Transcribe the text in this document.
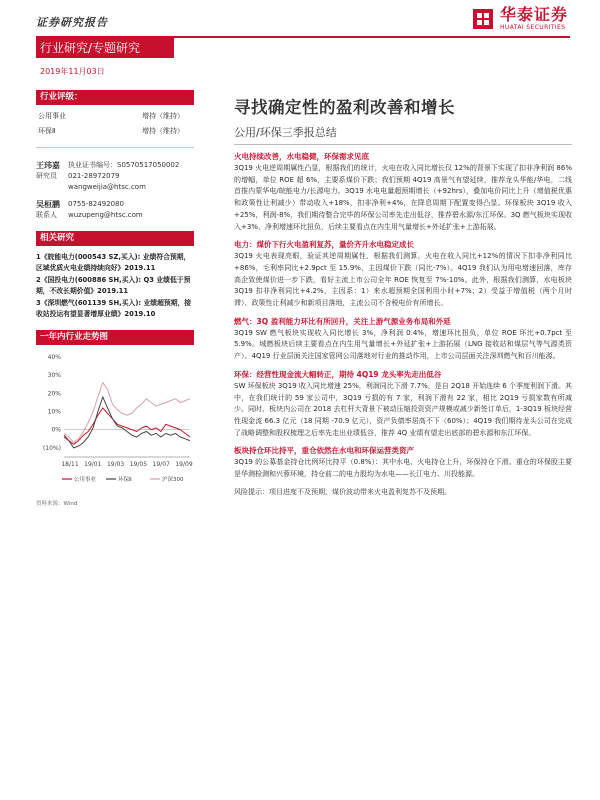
证券研究报告	华泰证券
HUATAI SECURITIES
行业研究/专题研究
2019年11月03日
行业评级：
公用事业	增持（维持）
环保Ⅱ	增持（维持）
王玮嘉	执业证书编号：S0570517050002
研究员	021-28972079
wangweijia@htsc.com
吴桓鹏	0755-82492080
联系人	wuzupeng@htsc.com
相关研究
1《皖能电力(000543 SZ,买入): 业绩符合预期，区域优质火电业绩持续向好》2019.11
2《国投电力(600886 SH,买入): Q3 业绩低于预期，不改长期价值》2019.11
3《深圳燃气(601139 SH,买入): 业绩超预期，接收站投运有望显著增厚业绩》2019.10
一年内行业走势图
40%
30%
20%
10%
0%
(10%)
18/11 19/01 19/03 19/05 19/07 19/09
公用事业	环保Ⅱ	沪深300
资料来源：Wind
寻找确定性的盈利改善和增长
公用/环保三季报总结
火电持续改善，水电稳健，环保需求见底
3Q19 火电逆周期属性凸显，根据我们的统计，火电在收入同比增长仅 12%的背景下实现了扣非净利润 86%的增幅，单位 ROE 超 6%，主要系煤价下跌；我们预期 4Q19 高景气有望延续，推荐龙头华能/华电，二线首推内蒙华电/皖能电力/长源电力。3Q19 水电电量超预期增长（+92hrs），叠加电价同比上升（增值税优惠和政策性让利减少）带动收入+18%，扣非净利+4%，在降息周期下配置变得凸显。环保板块 3Q19 收入+25%，利润-8%，我们期待整合完毕的环保公司率先走出低谷，推荐碧水源/东江环保。3Q 燃气板块实现收入+3%，净利增速环比扭负，后续主要看点在内生用气量增长+外延扩张+上游拓展。
电力：煤价下行火电盈利复苏，量价齐升水电稳定成长
3Q19 火电表现亮眼，验证其逆周期属性，根据我们测算，火电在收入同比+12%的情况下扣非净利同比+86%，毛利率同比+2.9pct 至 15.9%，主因煤价下跌（同比-7%）。4Q19 我们认为用电增速回落，库存高企致使煤价进一步下跌，看好主流上市公司全年 ROE 恢复至 7%-10%。此外，根据我们测算，水电板块 3Q19 扣非净利同比+4.2%，主因系：1）来水超预期全国利用小时+7%；2）受益于增值税（两个月时滞）、政策性让利减少和新项目落地，主流公司不含税电价有所增长。
燃气：3Q 盈利能力环比有所回升，关注上游气源业务布局和外延
3Q19 SW 燃气板块实现收入同比增长 3%，净利润 0.4%，增速环比扭负，单位 ROE 环比+0.7pct 至 5.9%。城燃板块后续主要看点在内生用气量增长+外延扩张+上游拓展（LNG 接收站和煤层气等气源类资产）。4Q19 行业层面关注国家管网公司落地对行业的推动作用，上市公司层面关注深圳燃气和百川能源。
环保：经营性现金流大幅转正，期待 4Q19 龙头率先走出低谷
SW 环保板块 3Q19 收入同比增速 25%，利润同比下滑 7.7%，是自 2Q18 开始连续 6 个季度利润下滑。其中，在我们统计的 59 家公司中，3Q19 亏损的有 7 家，利润下滑有 22 家，相比 2Q19 亏损家数有所减少。同时，板块内公司在 2018 去杠杆大背景下被动压缩投资资产规模或减少新签订单后，1-3Q19 板块经营性现金流 66.3 亿元（18 同期 -70.9 亿元），资产负债率居高不下（60%）；4Q19 我们期待龙头公司在完成了战略调整和股权梳理之后率先走出业绩低谷，推荐 4Q 业绩有望走出底部的碧水源和东江环保。
板块持仓环比持平，重仓依然在水电和环保运营类资产
3Q19 的公募基金持仓比例环比持平（0.8%）：其中水电、火电持仓上升，环保持仓下滑。重仓的环保股主要是华测检测和兴蓉环境，持仓前二的电力股均为水电——长江电力、川投能源。
风险提示：项目进度不及预期，煤价波动带来火电盈利复苏不及预期。
